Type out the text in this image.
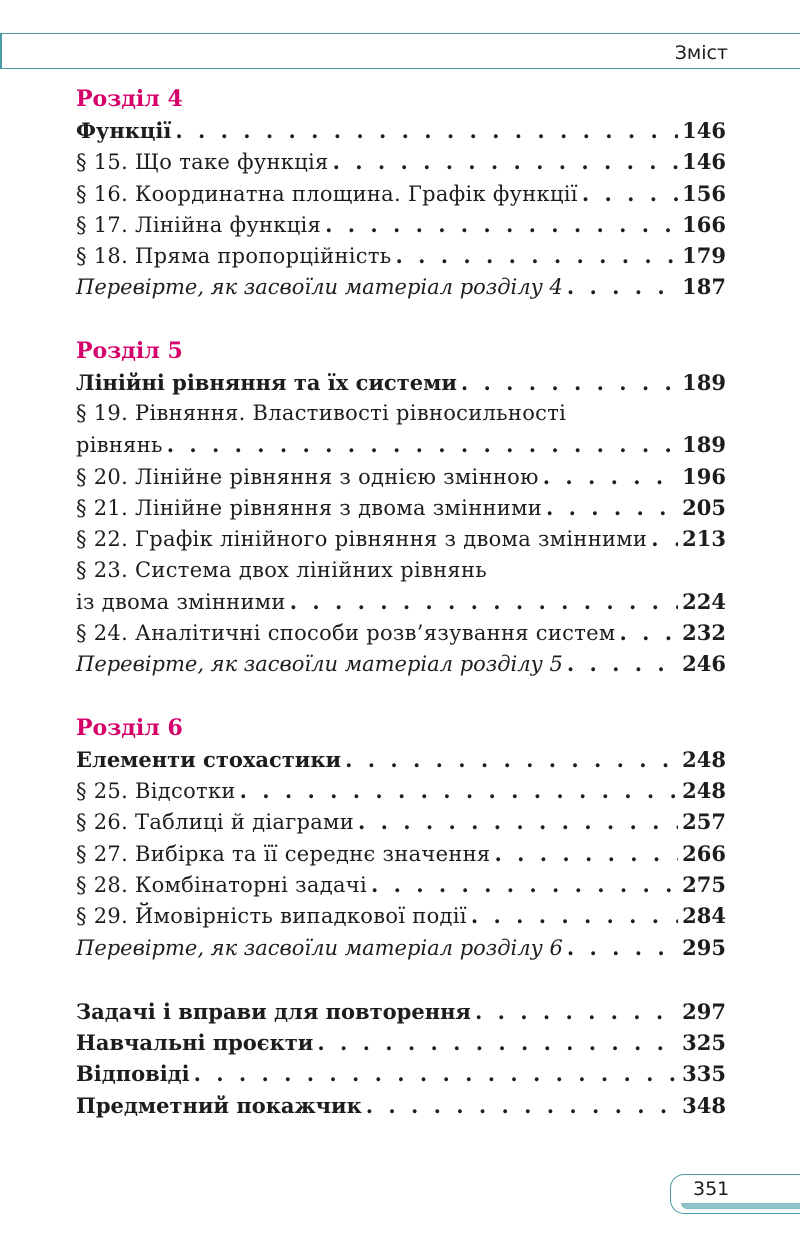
Зміст
Розділ 4
Функції . . .	146
§ 15. Що таке функція . . .	146
§ 16. Координатна площина. Графік функції . . .	156
§ 17. Лінійна функція . . .	166
§ 18. Пряма пропорційність . . .	179
Перевірте, як засвоїли матеріал розділу 4 . . .	187
Розділ 5
Лінійні рівняння та їх системи . . .	189
§ 19. Рівняння. Властивості рівносильності
рівнянь . . .	189
§ 20. Лінійне рівняння з однією змінною . . .	196
§ 21. Лінійне рівняння з двома змінними . . .	205
§ 22. Графік лінійного рівняння з двома змінними . . . 213
§ 23. Система двох лінійних рівнянь
із двома змінними . . .	224
§ 24. Аналітичні способи розв’язування систем . . .	232
Перевірте, як засвоїли матеріал розділу 5 . . .	246
Розділ 6
Елементи стохастики . . .	248
§ 25. Відсотки . . .	248
§ 26. Таблиці й діаграми . . .	257
§ 27. Вибірка та її середнє значення . . .	266
§ 28. Комбінаторні задачі . . .	275
§ 29. Ймовірність випадкової події . . .	284
Перевірте, як засвоїли матеріал розділу 6 . . .	295
Задачі і вправи для повторення . . .	297
Навчальні проєкти . . .	325
Відповіді . . .	335
Предметний покажчик . . .	348
351
